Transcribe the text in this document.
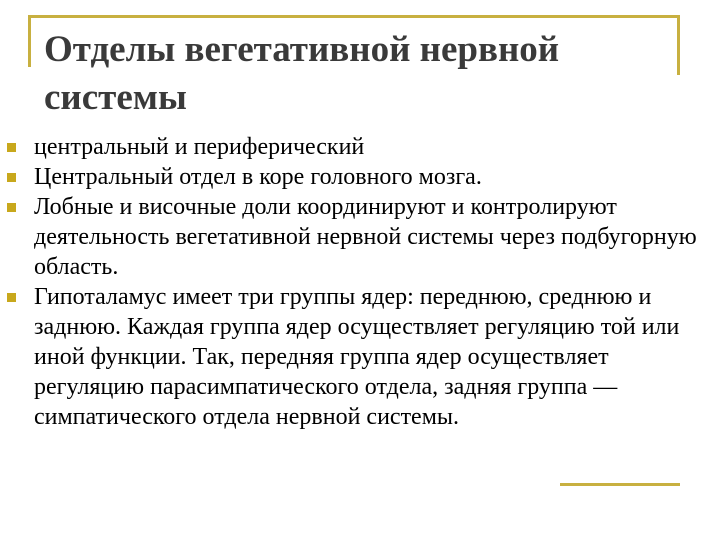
Отделы вегетативной нервной системы
центральный и периферический
Центральный отдел в коре головного мозга.
Лобные и височные доли координируют и контролируют деятельность вегетативной нервной системы через подбугорную область.
Гипоталамус имеет три группы ядер: переднюю, среднюю и заднюю. Каждая группа ядер осуществляет регуляцию той или иной функции. Так, передняя группа ядер осуществляет регуляцию парасимпатического отдела, задняя группа — симпатического отдела нервной системы.
